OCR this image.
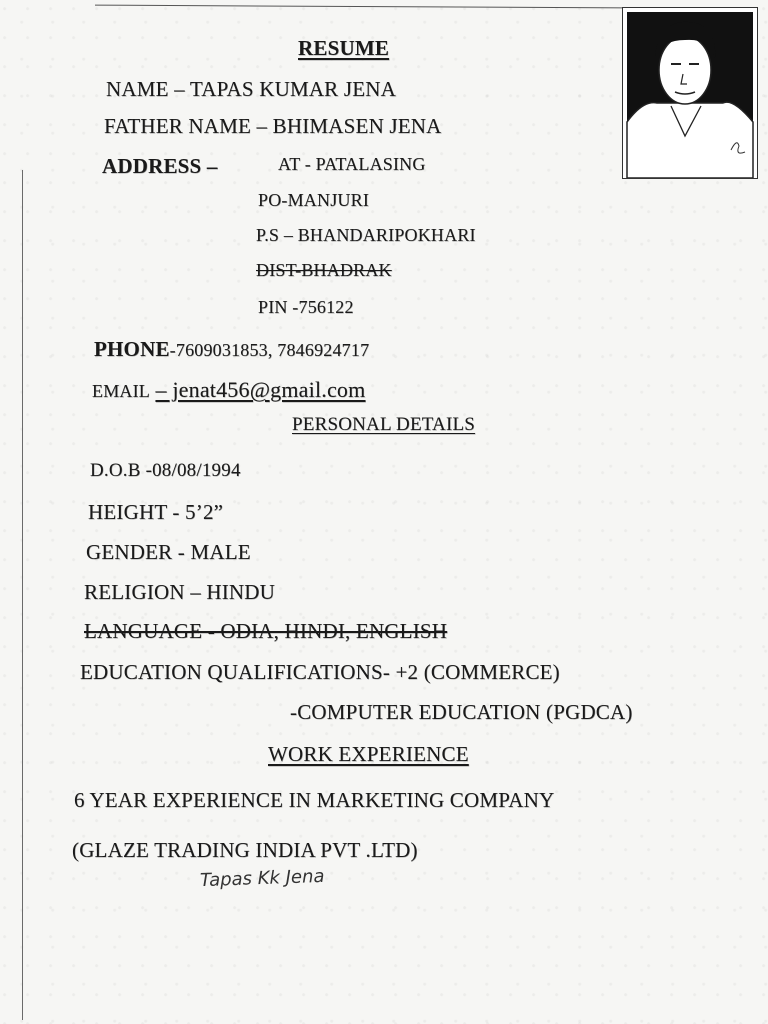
RESUME
NAME – TAPAS KUMAR JENA
FATHER NAME – BHIMASEN JENA
ADDRESS –	AT - PATALASING
PO-MANJURI
P.S – BHANDARIPOKHARI
DIST-BHADRAK
PIN -756122
PHONE-7609031853, 7846924717
EMAIL – jenat456@gmail.com
PERSONAL DETAILS
D.O.B -08/08/1994
HEIGHT - 5’2”
GENDER - MALE
RELIGION – HINDU
LANGUAGE - ODIA, HINDI, ENGLISH
EDUCATION QUALIFICATIONS- +2 (COMMERCE)
-COMPUTER EDUCATION (PGDCA)
WORK EXPERIENCE
6 YEAR EXPERIENCE IN MARKETING COMPANY
(GLAZE TRADING INDIA PVT .LTD)
Tapas Kk Jena
